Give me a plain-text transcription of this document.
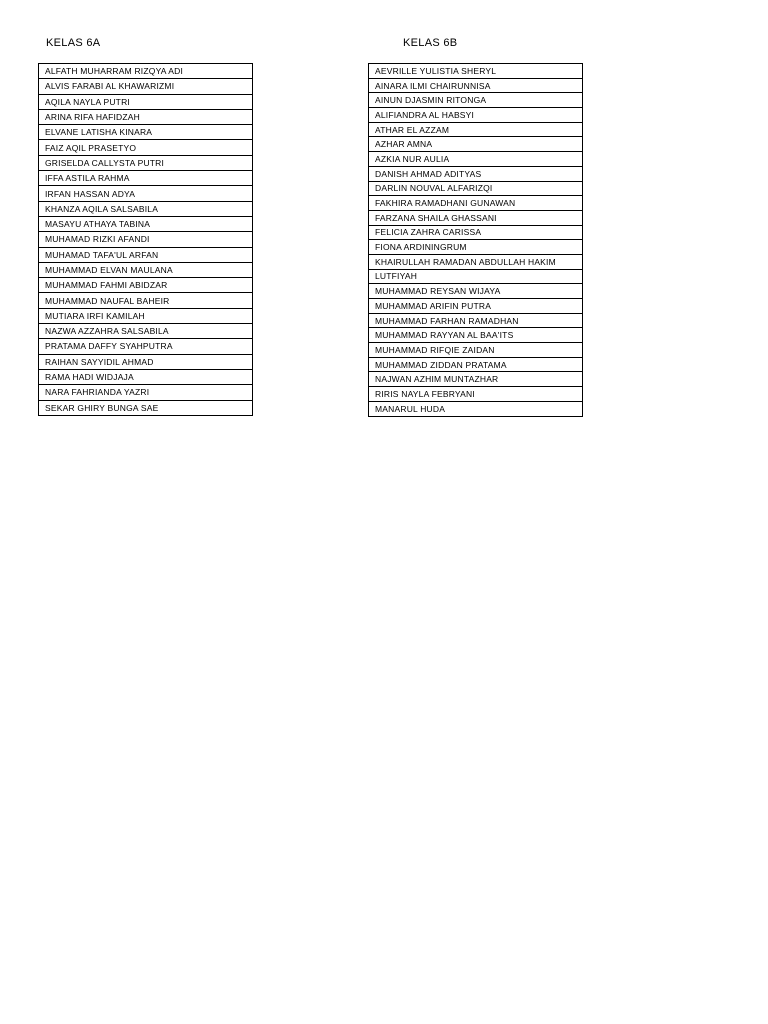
KELAS 6A	KELAS 6B
ALFATH MUHARRAM RIZQYA ADI
ALVIS FARABI AL KHAWARIZMI
AQILA NAYLA PUTRI
ARINA RIFA HAFIDZAH
ELVANE LATISHA KINARA
FAIZ AQIL PRASETYO
GRISELDA CALLYSTA PUTRI
IFFA ASTILA RAHMA
IRFAN HASSAN ADYA
KHANZA AQILA SALSABILA
MASAYU ATHAYA TABINA
MUHAMAD RIZKI AFANDI
MUHAMAD TAFA'UL ARFAN
MUHAMMAD ELVAN MAULANA
MUHAMMAD FAHMI ABIDZAR
MUHAMMAD NAUFAL BAHEIR
MUTIARA IRFI KAMILAH
NAZWA AZZAHRA SALSABILA
PRATAMA DAFFY SYAHPUTRA
RAIHAN SAYYIDIL AHMAD
RAMA HADI WIDJAJA
NARA FAHRIANDA YAZRI
SEKAR GHIRY BUNGA SAE
AEVRILLE YULISTIA SHERYL
AINARA ILMI CHAIRUNNISA
AINUN DJASMIN RITONGA
ALIFIANDRA AL HABSYI
ATHAR EL AZZAM
AZHAR AMNA
AZKIA NUR AULIA
DANISH AHMAD ADITYAS
DARLIN NOUVAL ALFARIZQI
FAKHIRA RAMADHANI GUNAWAN
FARZANA SHAILA GHASSANI
FELICIA ZAHRA CARISSA
FIONA ARDININGRUM
KHAIRULLAH RAMADAN ABDULLAH HAKIM
LUTFIYAH
MUHAMMAD REYSAN WIJAYA
MUHAMMAD ARIFIN PUTRA
MUHAMMAD FARHAN RAMADHAN
MUHAMMAD RAYYAN AL BAA'ITS
MUHAMMAD RIFQIE ZAIDAN
MUHAMMAD ZIDDAN PRATAMA
NAJWAN AZHIM MUNTAZHAR
RIRIS NAYLA FEBRYANI
MANARUL HUDA
